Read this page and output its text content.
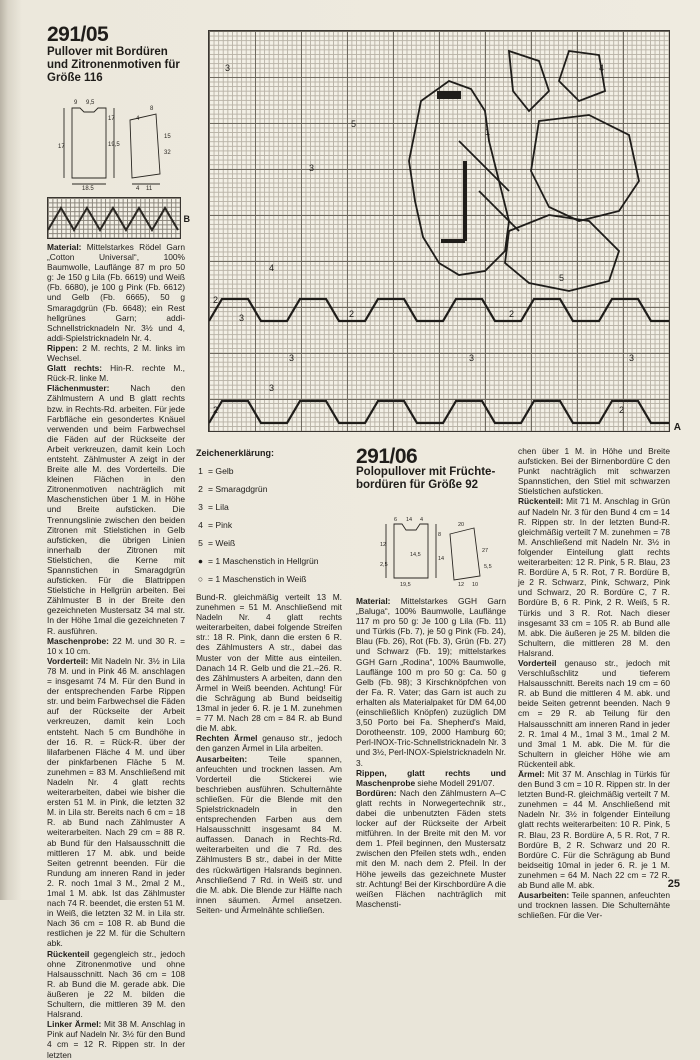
291/05
Pullover mit Bordüren
und Zitronenmotiven für
Größe 116
9 9,5
17
19,5
17
8
4
15
32
18,5	4 11
B

Material: Mittelstarkes Rödel Garn „Cotton Universal“, 100% Baumwolle, Lauflänge 87 m pro 50 g: Je 150 g Lila (Fb. 6619) und Weiß (Fb. 6680), je 100 g Pink (Fb. 6612) und Gelb (Fb. 6665), 50 g Smaragdgrün (Fb. 6648); ein Rest hellgrünes Garn; addi-Schnellstricknadeln Nr. 3½ und 4, addi-Spielstricknadeln Nr. 4.

Rippen: 2 M. rechts, 2 M. links im Wechsel.

Glatt rechts: Hin-R. rechte M., Rück-R. linke M.

Flächenmuster: Nach den Zählmustern A und B glatt rechts bzw. in Rechts-Rd. arbeiten. Für jede Farbfläche ein gesondertes Knäuel verwenden und beim Farbwechsel die Fäden auf der Rückseite der Arbeit verkreuzen, damit kein Loch entsteht. Zählmuster A zeigt in der Breite alle M. des Vorderteils. Die kleinen Flächen in den Zitronenmotiven nachträglich mit Maschenstichen über 1 M. in Höhe und Breite aufsticken. Die Trennungslinie zwischen den beiden Zitronen mit Stielstichen in Gelb aufsticken, die übrigen Linien innerhalb der Zitronen mit Stielstichen, die Kerne mit Spannstichen in Smaragdgrün aufsticken. Für die Blattrippen Stielstiche in Hellgrün arbeiten. Bei Zählmuster B in der Breite den gezeichneten Mustersatz 34 mal str. In der Höhe 1mal die gezeichneten 7 R. ausführen.

Maschenprobe: 22 M. und 30 R. = 10 x 10 cm.

Vorderteil: Mit Nadeln Nr. 3½ in Lila 78 M. und in Pink 46 M. anschlagen = insgesamt 74 M. Für den Bund in der entsprechenden Farbe Rippen str. und beim Farbwechsel die Fäden auf der Rückseite der Arbeit verkreuzen, damit kein Loch entsteht. Nach 5 cm Bundhöhe in der 16. R. = Rück-R. über der lilafarbenen Fläche 4 M. und über der pinkfarbenen Fläche 5 M. zunehmen = 83 M. Anschließend mit Nadeln Nr. 4 glatt rechts weiterarbeiten, dabei wie bisher die ersten 51 M. in Pink, die letzten 32 M. in Lila str. Bereits nach 6 cm = 18 R. ab Bund nach Zählmuster A weiterarbeiten. Nach 29 cm = 88 R. ab Bund für den Halsausschnitt die mittleren 17 M. abk. und beide Seiten getrennt beenden. Für die Rundung am inneren Rand in jeder 2. R. noch 1mal 3 M., 2mal 2 M., 1mal 1 M. abk. Ist das Zählmuster nach 74 R. beendet, die ersten 51 M. in Weiß, die letzten 32 M. in Lila str. Nach 36 cm = 108 R. ab Bund die restlichen je 22 M. für die Schultern abk.

Rückenteil gegengleich str., jedoch ohne Zitronenmotive und ohne Halsausschnitt. Nach 36 cm = 108 R. ab Bund die M. gerade abk. Die äußeren je 22 M. bilden die Schultern, die mittleren 39 M. den Halsrand.

Linker Ärmel: Mit 38 M. Anschlag in Pink auf Nadeln Nr. 3½ für den Bund 4 cm = 12 R. Rippen str. In der letzten

3
5
3
1
4
5
4
2
3	2
3
2
3
2
3
2
3
A
Zeichenerklärung:
1 = Gelb
2 = Smaragdgrün
3 = Lila
4 = Pink
5 = Weiß
● = 1 Maschenstich in Hellgrün
○ = 1 Maschenstich in Weiß

Bund-R. gleichmäßig verteilt 13 M. zunehmen = 51 M. Anschließend mit Nadeln Nr. 4 glatt rechts weiterarbeiten, dabei folgende Streifen str.: 18 R. Pink, dann die ersten 6 R. des Zählmusters A str., dabei das Muster von der Mitte aus einteilen. Danach 14 R. Gelb und die 21.–26. R. des Zählmusters A arbeiten, dann den Ärmel in Weiß beenden. Achtung! Für die Schrägung ab Bund beidseitig 13mal in jeder 6. R. je 1 M. zunehmen = 77 M. Nach 28 cm = 84 R. ab Bund die M. abk.

Rechten Ärmel genauso str., jedoch den ganzen Ärmel in Lila arbeiten.

Ausarbeiten: Teile spannen, anfeuchten und trocknen lassen. Am Vorderteil die Stickerei wie beschrieben ausführen. Schulternähte schließen. Für die Blende mit den Spielstricknadeln in den entsprechenden Farben aus dem Halsausschnitt insgesamt 84 M. auffassen. Danach in Rechts-Rd. weiterarbeiten und die 7 Rd. des Zählmusters B str., dabei in der Mitte des rückwärtigen Halsrands beginnen. Anschließend 7 Rd. in Weiß str. und die M. abk. Die Blende zur Hälfte nach innen säumen. Ärmel ansetzen. Seiten- und Ärmelnähte schließen.

291/06
Polopullover mit Früchte-
bordüren für Größe 92
6 14 4
12
8
14
19,5
27
20
5,5
2,5
14,5
12 10

Material: Mittelstarkes GGH Garn „Baluga“, 100% Baumwolle, Lauflänge 117 m pro 50 g: Je 100 g Lila (Fb. 11) und Türkis (Fb. 7), je 50 g Pink (Fb. 24), Blau (Fb. 26), Rot (Fb. 3), Grün (Fb. 27) und Schwarz (Fb. 19); mittelstarkes GGH Garn „Rodina“, 100% Baumwolle, Lauflänge 100 m pro 50 g: Ca. 50 g Gelb (Fb. 98); 3 Kirschknöpfchen von der Fa. R. Vater; das Garn ist auch zu erhalten als Materialpaket für DM 64,00 (einschließlich Knöpfen) zuzüglich DM 3,50 Porto bei Fa. Shepherd's Maid, Dorotheenstr. 109, 2000 Hamburg 60; Perl-INOX-Tric-Schnellstricknadeln Nr. 3 und 3½, Perl-INOX-Spielstricknadeln Nr. 3.

Rippen, glatt rechts und Maschenprobe siehe Modell 291/07.

Bordüren: Nach den Zählmustern A–C glatt rechts in Norwegertechnik str., dabei die unbenutzten Fäden stets locker auf der Rückseite der Arbeit mitführen. In der Breite mit den M. vor dem 1. Pfeil beginnen, den Mustersatz zwischen den Pfeilen stets wdh., enden mit den M. nach dem 2. Pfeil. In der Höhe jeweils das gezeichnete Muster str. Achtung! Bei der Kirschbordüre A die weißen Flächen nachträglich mit Maschensti-

chen über 1 M. in Höhe und Breite aufsticken. Bei der Birnenbordüre C den Punkt nachträglich mit schwarzen Spannstichen, den Stiel mit schwarzen Stielstichen aufsticken.

Rückenteil: Mit 71 M. Anschlag in Grün auf Nadeln Nr. 3 für den Bund 4 cm = 14 R. Rippen str. In der letzten Bund-R. gleichmäßig verteilt 7 M. zunehmen = 78 M. Anschließend mit Nadeln Nr. 3½ in folgender Einteilung glatt rechts weiterarbeiten: 12 R. Pink, 5 R. Blau, 23 R. Bordüre A, 5 R. Rot, 7 R. Bordüre B, je 2 R. Schwarz, Pink, Schwarz, Pink und Schwarz, 20 R. Bordüre C, 7 R. Bordüre B, 6 R. Pink, 2 R. Weiß, 5 R. Türkis und 3 R. Rot. Nach dieser insgesamt 33 cm = 105 R. ab Bund alle M. abk. Die äußeren je 25 M. bilden die Schultern, die mittleren 28 M. den Halsrand.

Vorderteil genauso str., jedoch mit Verschlußschlitz und tieferem Halsausschnitt. Bereits nach 19 cm = 60 R. ab Bund die mittleren 4 M. abk. und beide Seiten getrennt beenden. Nach 9 cm = 29 R. ab Teilung für den Halsausschnitt am inneren Rand in jeder 2. R. 1mal 4 M., 1mal 3 M., 1mal 2 M. und 3mal 1 M. abk. Die M. für die Schultern in gleicher Höhe wie am Rückenteil abk.

Ärmel: Mit 37 M. Anschlag in Türkis für den Bund 3 cm = 10 R. Rippen str. In der letzten Bund-R. gleichmäßig verteilt 7 M. zunehmen = 44 M. Anschließend mit Nadeln Nr. 3½ in folgender Einteilung glatt rechts weiterarbeiten: 10 R. Pink, 5 R. Blau, 23 R. Bordüre A, 5 R. Rot, 7 R. Bordüre B, 2 R. Schwarz und 20 R. Bordüre C. Für die Schrägung ab Bund beidseitig 10mal in jeder 6. R. je 1 M. zunehmen = 64 M. Nach 22 cm = 72 R. ab Bund alle M. abk.

Ausarbeiten: Teile spannen, anfeuchten und trocknen lassen. Die Schulternähte schließen. Für die Ver-

25
